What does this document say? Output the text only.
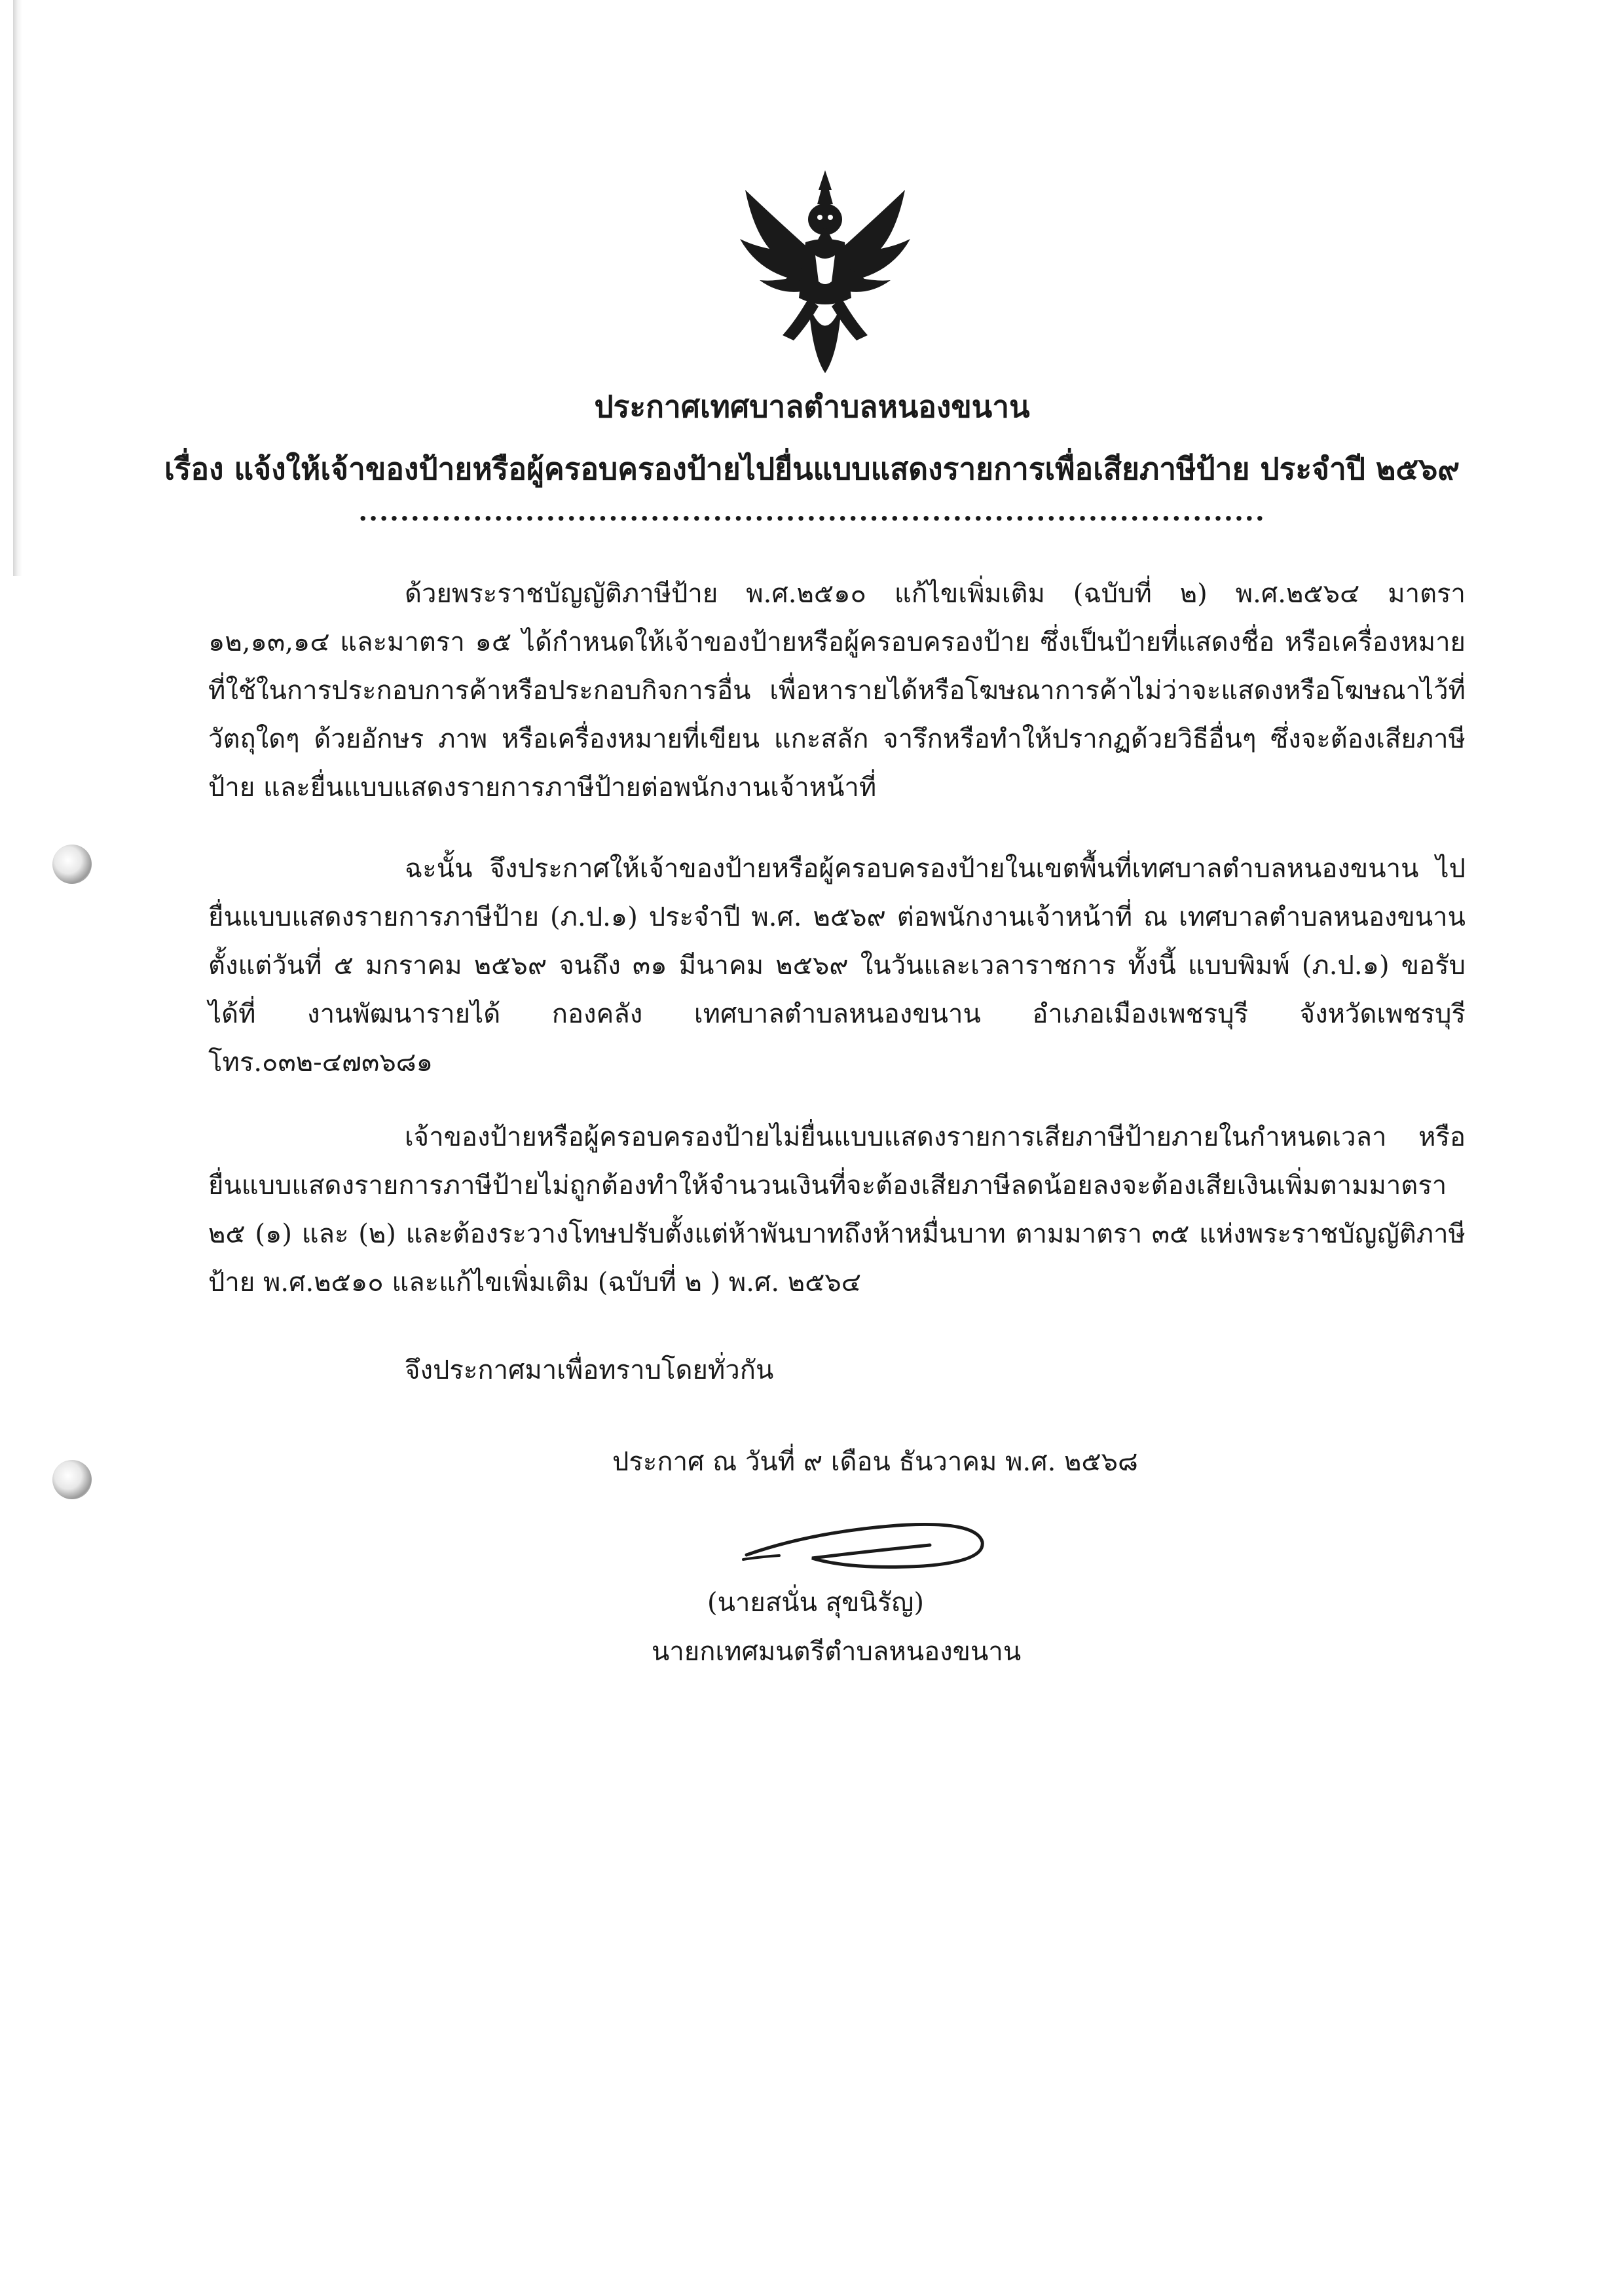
ประกาศเทศบาลตำบลหนองขนาน
เรื่อง แจ้งให้เจ้าของป้ายหรือผู้ครอบครองป้ายไปยื่นแบบแสดงรายการเพื่อเสียภาษีป้าย ประจำปี ๒๕๖๙
.......................................................................................
ด้วยพระราชบัญญัติภาษีป้าย พ.ศ.๒๕๑๐ แก้ไขเพิ่มเติม (ฉบับที่ ๒) พ.ศ.๒๕๖๔ มาตรา ๑๒,๑๓,๑๔ และมาตรา ๑๕ ได้กำหนดให้เจ้าของป้ายหรือผู้ครอบครองป้าย ซึ่งเป็นป้ายที่แสดงชื่อ หรือเครื่องหมายที่ใช้ในการประกอบการค้าหรือประกอบกิจการอื่น เพื่อหารายได้หรือโฆษณาการค้าไม่ว่าจะแสดงหรือโฆษณาไว้ที่วัตถุใดๆ ด้วยอักษร ภาพ หรือเครื่องหมายที่เขียน แกะสลัก จารึกหรือทำให้ปรากฏด้วยวิธีอื่นๆ ซึ่งจะต้องเสียภาษีป้าย และยื่นแบบแสดงรายการภาษีป้ายต่อพนักงานเจ้าหน้าที่
ฉะนั้น จึงประกาศให้เจ้าของป้ายหรือผู้ครอบครองป้ายในเขตพื้นที่เทศบาลตำบลหนองขนาน ไปยื่นแบบแสดงรายการภาษีป้าย (ภ.ป.๑) ประจำปี พ.ศ. ๒๕๖๙ ต่อพนักงานเจ้าหน้าที่ ณ เทศบาลตำบลหนองขนาน ตั้งแต่วันที่ ๕ มกราคม ๒๕๖๙ จนถึง ๓๑ มีนาคม ๒๕๖๙ ในวันและเวลาราชการ ทั้งนี้ แบบพิมพ์ (ภ.ป.๑) ขอรับได้ที่ งานพัฒนารายได้ กองคลัง เทศบาลตำบลหนองขนาน อำเภอเมืองเพชรบุรี จังหวัดเพชรบุรี โทร.๐๓๒-๔๗๓๖๘๑
เจ้าของป้ายหรือผู้ครอบครองป้ายไม่ยื่นแบบแสดงรายการเสียภาษีป้ายภายในกำหนดเวลา หรือยื่นแบบแสดงรายการภาษีป้ายไม่ถูกต้องทำให้จำนวนเงินที่จะต้องเสียภาษีลดน้อยลงจะต้องเสียเงินเพิ่มตามมาตรา ๒๕ (๑) และ (๒) และต้องระวางโทษปรับตั้งแต่ห้าพันบาทถึงห้าหมื่นบาท ตามมาตรา ๓๕ แห่งพระราชบัญญัติภาษีป้าย พ.ศ.๒๕๑๐ และแก้ไขเพิ่มเติม (ฉบับที่ ๒ ) พ.ศ. ๒๕๖๔
จึงประกาศมาเพื่อทราบโดยทั่วกัน
ประกาศ ณ วันที่ ๙ เดือน ธันวาคม พ.ศ. ๒๕๖๘
(นายสนั่น สุขนิรัญ)
นายกเทศมนตรีตำบลหนองขนาน
